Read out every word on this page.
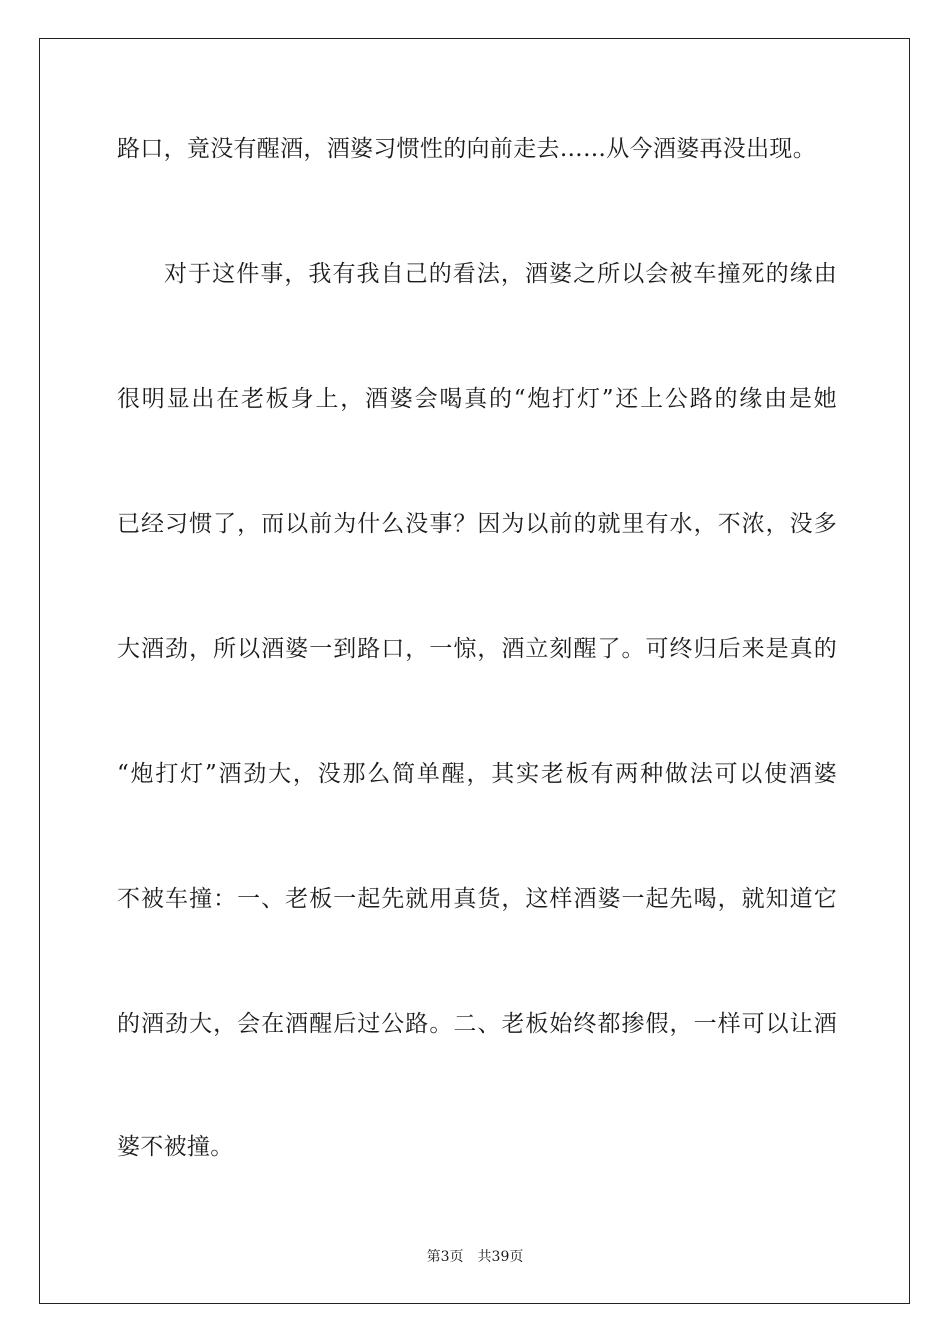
路口，竟没有醒酒，酒婆习惯性的向前走去……从今酒婆再没出现。
对于这件事，我有我自己的看法，酒婆之所以会被车撞死的缘由
很明显出在老板身上，酒婆会喝真的“炮打灯”还上公路的缘由是她
已经习惯了，而以前为什么没事？因为以前的就里有水，不浓，没多
大酒劲，所以酒婆一到路口，一惊，酒立刻醒了。可终归后来是真的
“炮打灯”酒劲大，没那么简单醒，其实老板有两种做法可以使酒婆
不被车撞：一、老板一起先就用真货，这样酒婆一起先喝，就知道它
的酒劲大，会在酒醒后过公路。二、老板始终都掺假，一样可以让酒
婆不被撞。
第3页 共39页
